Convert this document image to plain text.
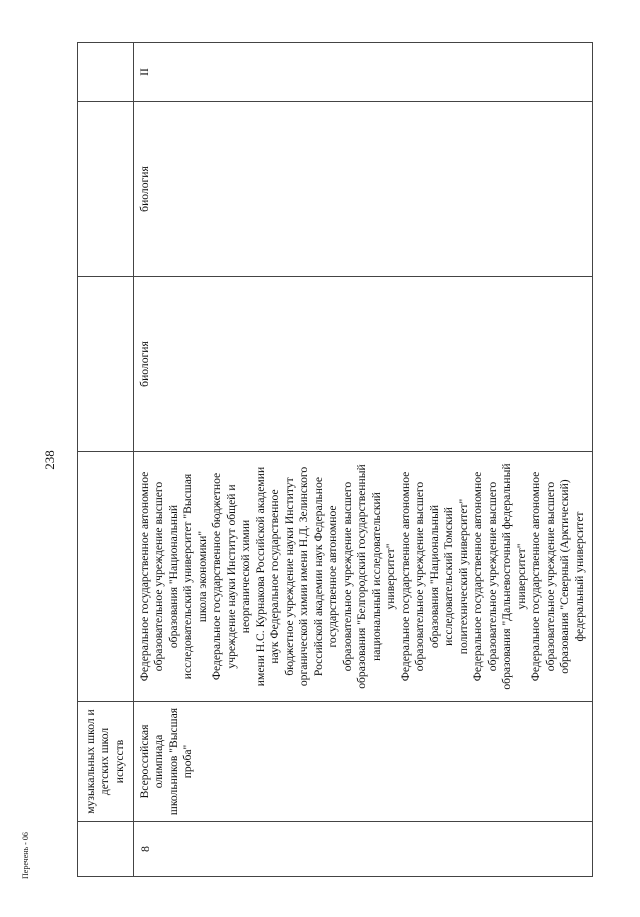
238
музыкальных школ и
детских школ
искусств
8
Всероссийская
олимпиада
школьников "Высшая
проба"
Федеральное государственное автономное
образовательное учреждение высшего
образования "Национальный
исследовательский университет "Высшая
школа экономики"
Федеральное государственное бюджетное
учреждение науки Институт общей и
неорганической химии
имени Н.С. Курнакова Российской академии
наук Федеральное государственное
бюджетное учреждение науки Институт
органической химии имени Н.Д. Зелинского
Российской академии наук Федеральное
государственное автономное
образовательное учреждение высшего
образования "Белгородский государственный
национальный исследовательский
университет"
Федеральное государственное автономное
образовательное учреждение высшего
образования "Национальный
исследовательский Томский
политехнический университет"
Федеральное государственное автономное
образовательное учреждение высшего
образования "Дальневосточный федеральный
университет"
Федеральное государственное автономное
образовательное учреждение высшего
образования "Северный (Арктический)
федеральный университет
биология
биология
II
Перечень - 06
